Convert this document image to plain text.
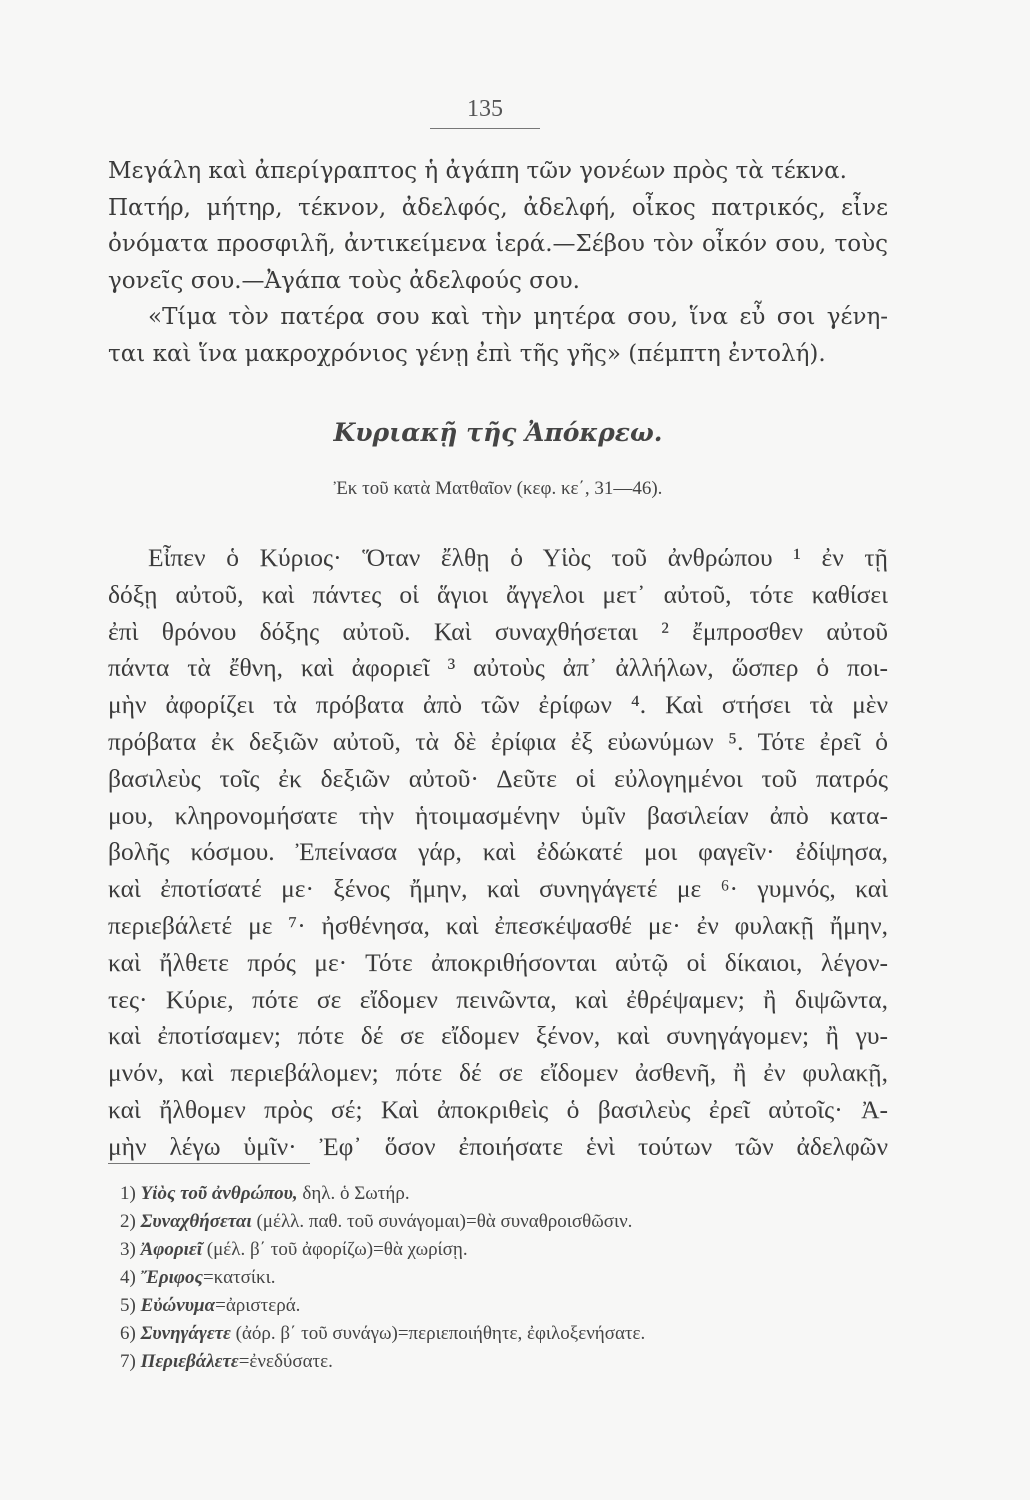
135
Μεγάλη καὶ ἀπερίγραπτος ἡ ἀγάπη τῶν γονέων πρὸς τὰ τέκνα.
Πατήρ, μήτηρ, τέκνον, ἀδελφός, ἀδελφή, οἶκος πατρικός, εἶνε
ὀνόματα προσφιλῆ, ἀντικείμενα ἱερά.—Σέβου τὸν οἶκόν σου, τοὺς
γονεῖς σου.—Ἀγάπα τοὺς ἀδελφούς σου.
«Τίμα τὸν πατέρα σου καὶ τὴν μητέρα σου, ἵνα εὖ σοι γένη-
ται καὶ ἵνα μακροχρόνιος γένῃ ἐπὶ τῆς γῆς» (πέμπτη ἐντολή).
Κυριακῇ τῆς Ἀπόκρεω.
Ἐκ τοῦ κατὰ Ματθαῖον (κεφ. κε΄, 31—46).
Εἶπεν ὁ Κύριος· Ὅταν ἔλθῃ ὁ Υἱὸς τοῦ ἀνθρώπου ¹ ἐν τῇ
δόξῃ αὐτοῦ, καὶ πάντες οἱ ἅγιοι ἄγγελοι μετ᾽ αὐτοῦ, τότε καθίσει
ἐπὶ θρόνου δόξης αὐτοῦ. Καὶ συναχθήσεται ² ἔμπροσθεν αὐτοῦ
πάντα τὰ ἔθνη, καὶ ἀφοριεῖ ³ αὐτοὺς ἀπ᾽ ἀλλήλων, ὥσπερ ὁ ποι-
μὴν ἀφορίζει τὰ πρόβατα ἀπὸ τῶν ἐρίφων ⁴. Καὶ στήσει τὰ μὲν
πρόβατα ἐκ δεξιῶν αὐτοῦ, τὰ δὲ ἐρίφια ἐξ εὐωνύμων ⁵. Τότε ἐρεῖ ὁ
βασιλεὺς τοῖς ἐκ δεξιῶν αὐτοῦ· Δεῦτε οἱ εὐλογημένοι τοῦ πατρός
μου, κληρονομήσατε τὴν ἡτοιμασμένην ὑμῖν βασιλείαν ἀπὸ κατα-
βολῆς κόσμου. Ἐπείνασα γάρ, καὶ ἐδώκατέ μοι φαγεῖν· ἐδίψησα,
καὶ ἐποτίσατέ με· ξένος ἤμην, καὶ συνηγάγετέ με ⁶· γυμνός, καὶ
περιεβάλετέ με ⁷· ἠσθένησα, καὶ ἐπεσκέψασθέ με· ἐν φυλακῇ ἤμην,
καὶ ἤλθετε πρός με· Τότε ἀποκριθήσονται αὐτῷ οἱ δίκαιοι, λέγον-
τες· Κύριε, πότε σε εἴδομεν πεινῶντα, καὶ ἐθρέψαμεν; ἢ διψῶντα,
καὶ ἐποτίσαμεν; πότε δέ σε εἴδομεν ξένον, καὶ συνηγάγομεν; ἢ γυ-
μνόν, καὶ περιεβάλομεν; πότε δέ σε εἴδομεν ἀσθενῆ, ἢ ἐν φυλακῇ,
καὶ ἤλθομεν πρὸς σέ; Καὶ ἀποκριθεὶς ὁ βασιλεὺς ἐρεῖ αὐτοῖς· Ἀ-
μὴν λέγω ὑμῖν· Ἐφ᾽ ὅσον ἐποιήσατε ἑνὶ τούτων τῶν ἀδελφῶν
1) Υἱὸς τοῦ ἀνθρώπου, δηλ. ὁ Σωτήρ.
2) Συναχθήσεται (μέλλ. παθ. τοῦ συνάγομαι)=θὰ συναθροισθῶσιν.
3) Ἀφοριεῖ (μέλ. β΄ τοῦ ἀφορίζω)=θὰ χωρίσῃ.
4) Ἔριφος=κατσίκι.
5) Εὐώνυμα=ἀριστερά.
6) Συνηγάγετε (ἀόρ. β΄ τοῦ συνάγω)=περιεποιήθητε, ἐφιλοξενήσατε.
7) Περιεβάλετε=ἐνεδύσατε.
